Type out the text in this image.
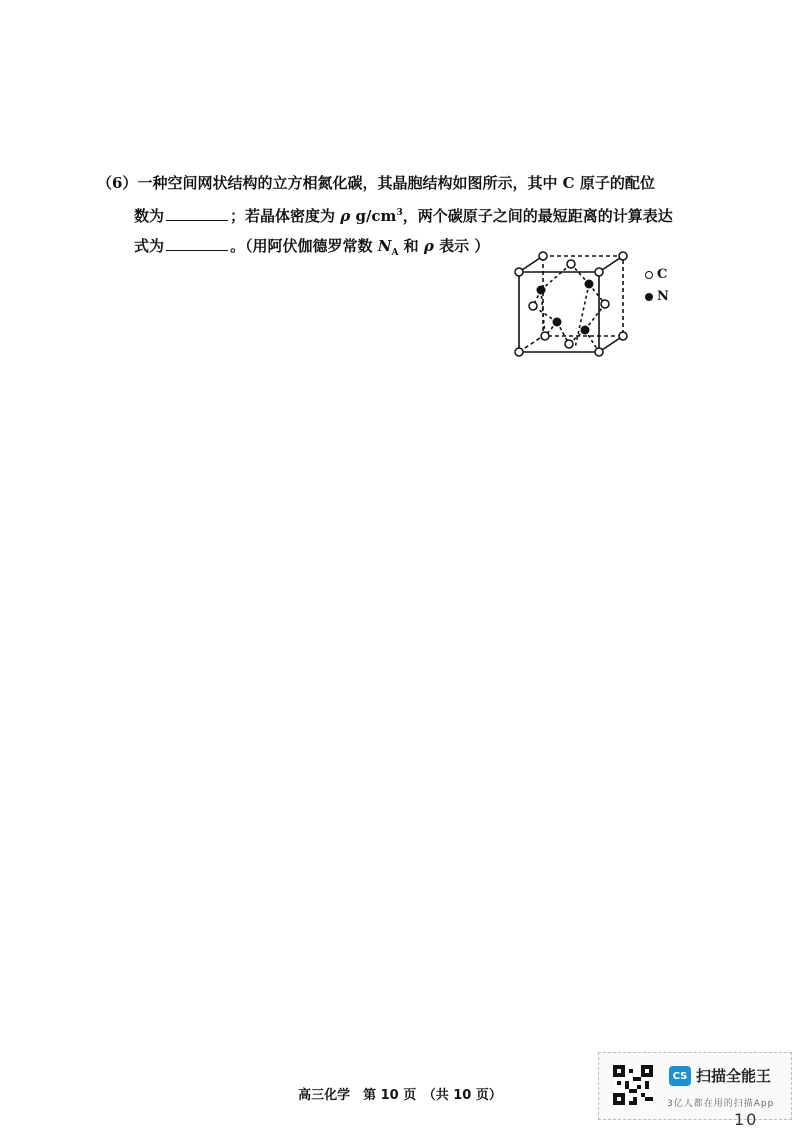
（6）一种空间网状结构的立方相氮化碳，其晶胞结构如图所示，其中 C 原子的配位
数为	；若晶体密度为 ρ $g/cm^3$，两个碳原子之间的最短距离的计算表达
式为	。（用阿伏伽德罗常数 $N_A$ 和 ρ 表示 ）
C
N
高三化学　第 10 页　（共 10 页）
CS 扫描全能王
3亿人都在用的扫描App
10
